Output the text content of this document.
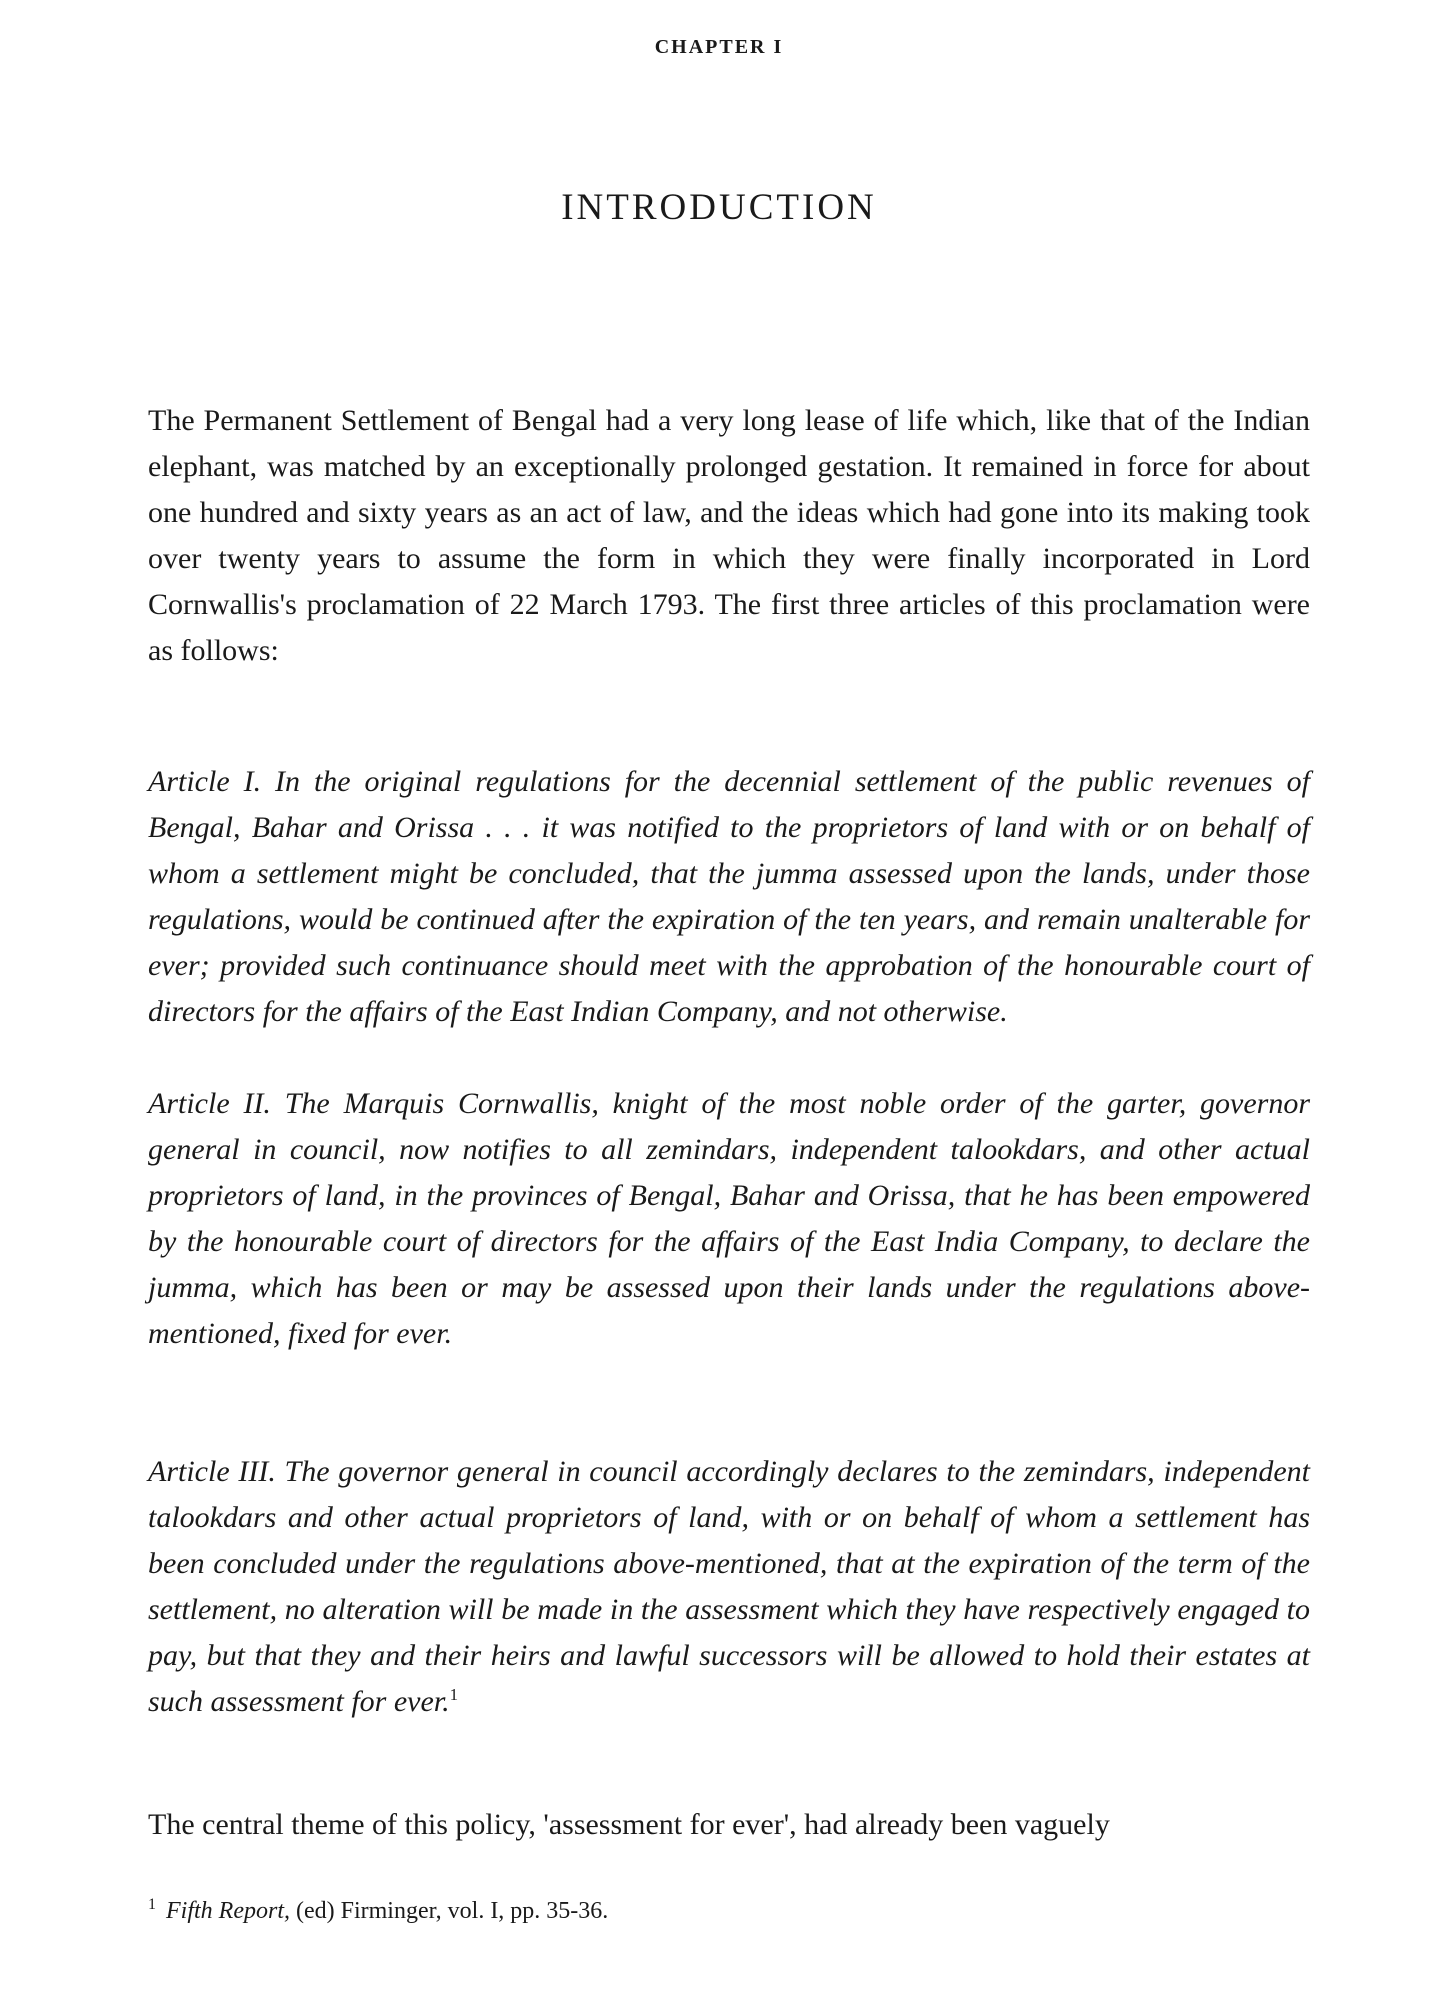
CHAPTER I
INTRODUCTION

The Permanent Settlement of Bengal had a very long lease of life which, like that of the Indian elephant, was matched by an exceptionally prolonged gestation. It remained in force for about one hundred and sixty years as an act of law, and the ideas which had gone into its making took over twenty years to assume the form in which they were finally incorporated in Lord Cornwallis's proclamation of 22 March 1793. The first three articles of this proclamation were as follows:

Article I. In the original regulations for the decennial settlement of the public revenues of Bengal, Bahar and Orissa . . . it was notified to the proprietors of land with or on behalf of whom a settlement might be concluded, that the jumma assessed upon the lands, under those regulations, would be continued after the expiration of the ten years, and remain unalterable for ever; provided such continuance should meet with the approbation of the honourable court of directors for the affairs of the East Indian Company, and not otherwise.

Article II. The Marquis Cornwallis, knight of the most noble order of the garter, governor general in council, now notifies to all zemindars, independent talookdars, and other actual proprietors of land, in the provinces of Bengal, Bahar and Orissa, that he has been empowered by the honourable court of directors for the affairs of the East India Company, to declare the jumma, which has been or may be assessed upon their lands under the regulations above-mentioned, fixed for ever.

Article III. The governor general in council accordingly declares to the zemindars, independent talookdars and other actual proprietors of land, with or on behalf of whom a settlement has been concluded under the regulations above-mentioned, that at the expiration of the term of the settlement, no alteration will be made in the assessment which they have respectively engaged to pay, but that they and their heirs and lawful successors will be allowed to hold their estates at such assessment for ever.$^1$

The central theme of this policy, 'assessment for ever', had already been vaguely

$^1$ Fifth Report, (ed) Firminger, vol. I, pp. 35-36.
